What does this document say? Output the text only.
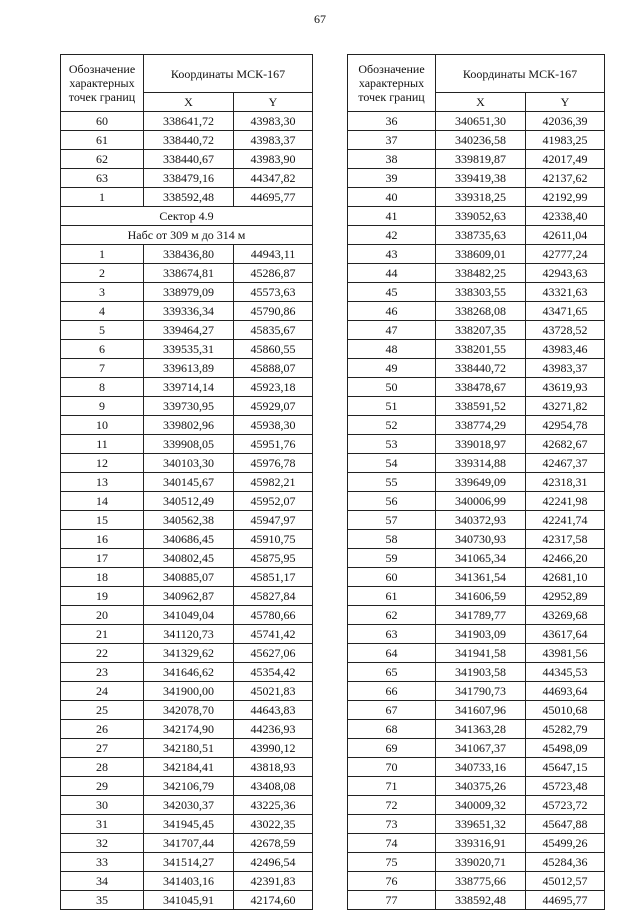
67
Обозначение характерных точек границ	Координаты МСК-167	
	X	Y
60	338641,72	43983,30
61	338440,72	43983,37
62	338440,67	43983,90
63	338479,16	44347,82
1	338592,48	44695,77
Сектор 4.9		
Набс от 309 м до 314 м		
1	338436,80	44943,11
2	338674,81	45286,87
3	338979,09	45573,63
4	339336,34	45790,86
5	339464,27	45835,67
6	339535,31	45860,55
7	339613,89	45888,07
8	339714,14	45923,18
9	339730,95	45929,07
10	339802,96	45938,30
11	339908,05	45951,76
12	340103,30	45976,78
13	340145,67	45982,21
14	340512,49	45952,07
15	340562,38	45947,97
16	340686,45	45910,75
17	340802,45	45875,95
18	340885,07	45851,17
19	340962,87	45827,84
20	341049,04	45780,66
21	341120,73	45741,42
22	341329,62	45627,06
23	341646,62	45354,42
24	341900,00	45021,83
25	342078,70	44643,83
26	342174,90	44236,93
27	342180,51	43990,12
28	342184,41	43818,93
29	342106,79	43408,08
30	342030,37	43225,36
31	341945,45	43022,35
32	341707,44	42678,59
33	341514,27	42496,54
34	341403,16	42391,83
35	341045,91	42174,60
Обозначение характерных точек границ	Координаты МСК-167	
	X	Y
36	340651,30	42036,39
37	340236,58	41983,25
38	339819,87	42017,49
39	339419,38	42137,62
40	339318,25	42192,99
41	339052,63	42338,40
42	338735,63	42611,04
43	338609,01	42777,24
44	338482,25	42943,63
45	338303,55	43321,63
46	338268,08	43471,65
47	338207,35	43728,52
48	338201,55	43983,46
49	338440,72	43983,37
50	338478,67	43619,93
51	338591,52	43271,82
52	338774,29	42954,78
53	339018,97	42682,67
54	339314,88	42467,37
55	339649,09	42318,31
56	340006,99	42241,98
57	340372,93	42241,74
58	340730,93	42317,58
59	341065,34	42466,20
60	341361,54	42681,10
61	341606,59	42952,89
62	341789,77	43269,68
63	341903,09	43617,64
64	341941,58	43981,56
65	341903,58	44345,53
66	341790,73	44693,64
67	341607,96	45010,68
68	341363,28	45282,79
69	341067,37	45498,09
70	340733,16	45647,15
71	340375,26	45723,48
72	340009,32	45723,72
73	339651,32	45647,88
74	339316,91	45499,26
75	339020,71	45284,36
76	338775,66	45012,57
77	338592,48	44695,77
